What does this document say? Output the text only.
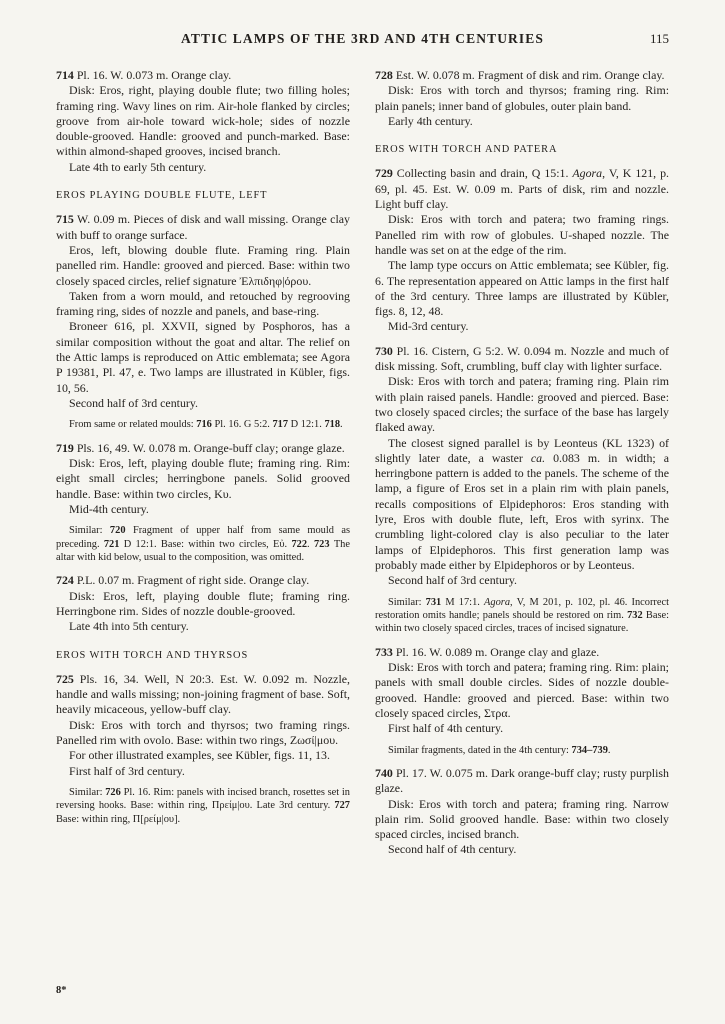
ATTIC LAMPS OF THE 3RD AND 4TH CENTURIES	115

714 Pl. 16. W. 0.073 m. Orange clay.

Disk: Eros, right, playing double flute; two filling holes; framing ring. Wavy lines on rim. Air-hole flanked by circles; groove from air-hole toward wick-hole; sides of nozzle double-grooved. Handle: grooved and punch-marked. Base: within almond-shaped grooves, incised branch.

Late 4th to early 5th century.

EROS PLAYING DOUBLE FLUTE, LEFT

715 W. 0.09 m. Pieces of disk and wall missing. Orange clay with buff to orange surface.

Eros, left, blowing double flute. Framing ring. Plain panelled rim. Handle: grooved and pierced. Base: within two closely spaced circles, relief signature Ἐλπιδηφ|όρου.

Taken from a worn mould, and retouched by regrooving framing ring, sides of nozzle and panels, and base-ring.

Broneer 616, pl. XXVII, signed by Posphoros, has a similar composition without the goat and altar. The relief on the Attic lamps is reproduced on Attic emblemata; see Agora P 19381, Pl. 47, e. Two lamps are illustrated in Kübler, figs. 10, 56.

Second half of 3rd century.

From same or related moulds: 716 Pl. 16. G 5:2. 717 D 12:1. 718.

719 Pls. 16, 49. W. 0.078 m. Orange-buff clay; orange glaze.

Disk: Eros, left, playing double flute; framing ring. Rim: eight small circles; herringbone panels. Solid grooved handle. Base: within two circles, Κυ.

Mid-4th century.

Similar: 720 Fragment of upper half from same mould as preceding. 721 D 12:1. Base: within two circles, Εὐ. 722. 723 The altar with kid below, usual to the composition, was omitted.

724 P.L. 0.07 m. Fragment of right side. Orange clay.

Disk: Eros, left, playing double flute; framing ring. Herringbone rim. Sides of nozzle double-grooved.

Late 4th into 5th century.

EROS WITH TORCH AND THYRSOS

725 Pls. 16, 34. Well, N 20:3. Est. W. 0.092 m. Nozzle, handle and walls missing; non-joining fragment of base. Soft, heavily micaceous, yellow-buff clay.

Disk: Eros with torch and thyrsos; two framing rings. Panelled rim with ovolo. Base: within two rings, Ζωσί|μου.

For other illustrated examples, see Kübler, figs. 11, 13.

First half of 3rd century.

Similar: 726 Pl. 16. Rim: panels with incised branch, rosettes set in reversing hooks. Base: within ring, Πρείμ|ου. Late 3rd century. 727 Base: within ring, Π[ρείμ|ου].

728 Est. W. 0.078 m. Fragment of disk and rim. Orange clay.

Disk: Eros with torch and thyrsos; framing ring. Rim: plain panels; inner band of globules, outer plain band.

Early 4th century.

EROS WITH TORCH AND PATERA

729 Collecting basin and drain, Q 15:1. Agora, V, K 121, p. 69, pl. 45. Est. W. 0.09 m. Parts of disk, rim and nozzle. Light buff clay.

Disk: Eros with torch and patera; two framing rings. Panelled rim with row of globules. U-shaped nozzle. The handle was set on at the edge of the rim.

The lamp type occurs on Attic emblemata; see Kübler, fig. 6. The representation appeared on Attic lamps in the first half of the 3rd century. Three lamps are illustrated by Kübler, figs. 8, 12, 48.

Mid-3rd century.

730 Pl. 16. Cistern, G 5:2. W. 0.094 m. Nozzle and much of disk missing. Soft, crumbling, buff clay with lighter surface.

Disk: Eros with torch and patera; framing ring. Plain rim with plain raised panels. Handle: grooved and pierced. Base: two closely spaced circles; the surface of the base has largely flaked away.

The closest signed parallel is by Leonteus (KL 1323) of slightly later date, a waster ca. 0.083 m. in width; a herringbone pattern is added to the panels. The scheme of the lamp, a figure of Eros set in a plain rim with plain panels, recalls compositions of Elpidephoros: Eros standing with lyre, Eros with double flute, left, Eros with syrinx. The crumbling light-colored clay is also peculiar to the later lamps of Elpidephoros. This first generation lamp was probably made either by Elpidephoros or by Leonteus.

Second half of 3rd century.

Similar: 731 M 17:1. Agora, V, M 201, p. 102, pl. 46. Incorrect restoration omits handle; panels should be restored on rim. 732 Base: within two closely spaced circles, traces of incised signature.

733 Pl. 16. W. 0.089 m. Orange clay and glaze.

Disk: Eros with torch and patera; framing ring. Rim: plain; panels with small double circles. Sides of nozzle double-grooved. Handle: grooved and pierced. Base: within two closely spaced circles, Στρα.

First half of 4th century.

Similar fragments, dated in the 4th century: 734–739.

740 Pl. 17. W. 0.075 m. Dark orange-buff clay; rusty purplish glaze.

Disk: Eros with torch and patera; framing ring. Narrow plain rim. Solid grooved handle. Base: within two closely spaced circles, incised branch.

Second half of 4th century.

8*
